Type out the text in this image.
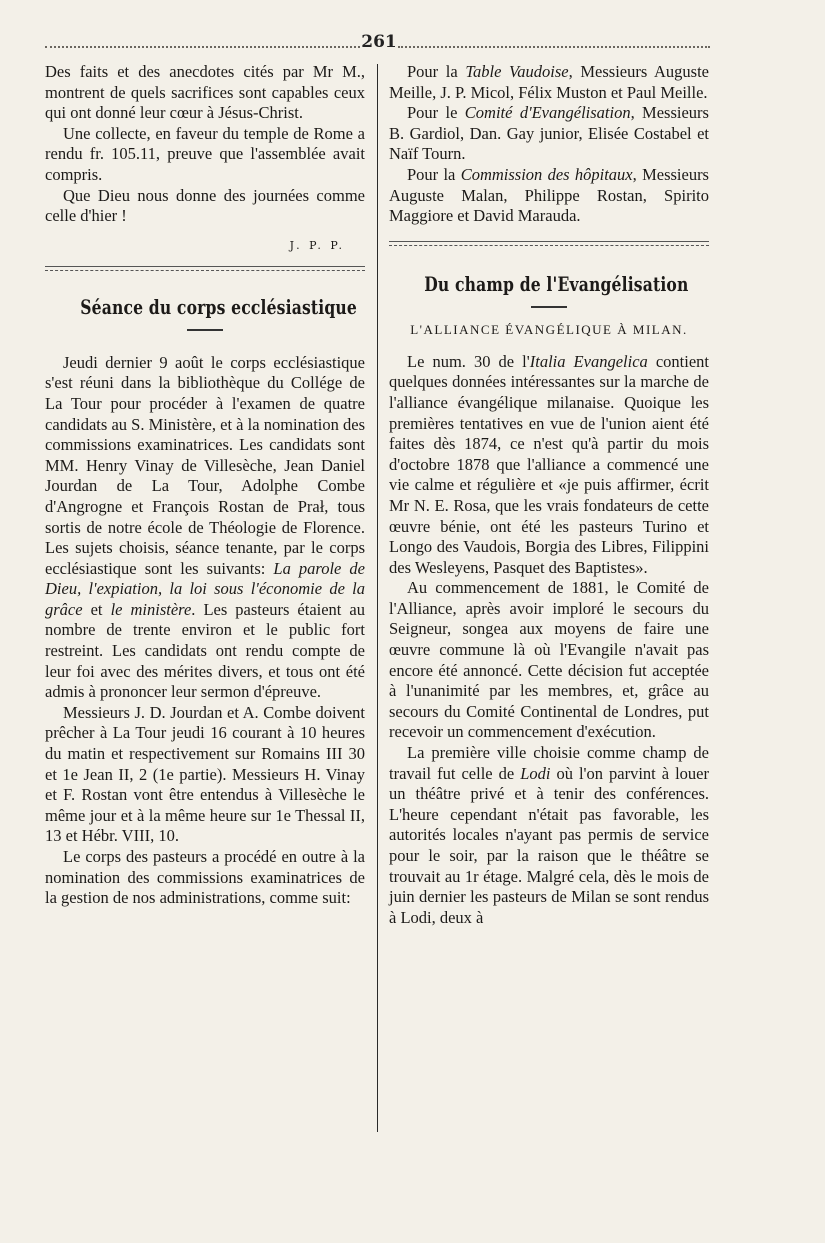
261

Des faits et des anecdotes cités par Mr M., montrent de quels sacrifices sont capables ceux qui ont donné leur cœur à Jésus-Christ.

Une collecte, en faveur du temple de Rome a rendu fr. 105.11, preuve que l'assemblée avait compris.

Que Dieu nous donne des journées comme celle d'hier !

J. P. P.
Séance du corps ecclésiastique

Jeudi dernier 9 août le corps ecclésiastique s'est réuni dans la bibliothèque du Collége de La Tour pour procéder à l'examen de quatre candidats au S. Ministère, et à la nomination des commissions examinatrices. Les candidats sont MM. Henry Vinay de Villesèche, Jean Daniel Jourdan de La Tour, Adolphe Combe d'Angrogne et François Rostan de Prał, tous sortis de notre école de Théologie de Florence. Les sujets choisis, séance tenante, par le corps ecclésiastique sont les suivants: La parole de Dieu, l'expiation, la loi sous l'économie de la grâce et le ministère. Les pasteurs étaient au nombre de trente environ et le public fort restreint. Les candidats ont rendu compte de leur foi avec des mérites divers, et tous ont été admis à prononcer leur sermon d'épreuve.

Messieurs J. D. Jourdan et A. Combe doivent prêcher à La Tour jeudi 16 courant à 10 heures du matin et respectivement sur Romains III 30 et 1e Jean II, 2 (1e partie). Messieurs H. Vinay et F. Rostan vont être entendus à Villesèche le même jour et à la même heure sur 1e Thessal II, 13 et Hébr. VIII, 10.

Le corps des pasteurs a procédé en outre à la nomination des commissions examinatrices de la gestion de nos administrations, comme suit:

Pour la Table Vaudoise, Messieurs Auguste Meille, J. P. Micol, Félix Muston et Paul Meille.

Pour le Comité d'Evangélisation, Messieurs B. Gardiol, Dan. Gay junior, Elisée Costabel et Naïf Tourn.

Pour la Commission des hôpitaux, Messieurs Auguste Malan, Philippe Rostan, Spirito Maggiore et David Marauda.

Du champ de l'Evangélisation
L'ALLIANCE ÉVANGÉLIQUE À MILAN.

Le num. 30 de l'Italia Evangelica contient quelques données intéressantes sur la marche de l'alliance évangélique milanaise. Quoique les premières tentatives en vue de l'union aient été faites dès 1874, ce n'est qu'à partir du mois d'octobre 1878 que l'alliance a commencé une vie calme et régulière et «je puis affirmer, écrit Mr N. E. Rosa, que les vrais fondateurs de cette œuvre bénie, ont été les pasteurs Turino et Longo des Vaudois, Borgia des Libres, Filippini des Wesleyens, Pasquet des Baptistes».

Au commencement de 1881, le Comité de l'Alliance, après avoir imploré le secours du Seigneur, songea aux moyens de faire une œuvre commune là où l'Evangile n'avait pas encore été annoncé. Cette décision fut acceptée à l'unanimité par les membres, et, grâce au secours du Comité Continental de Londres, put recevoir un commencement d'exécution.

La première ville choisie comme champ de travail fut celle de Lodi où l'on parvint à louer un théâtre privé et à tenir des conférences. L'heure cependant n'était pas favorable, les autorités locales n'ayant pas permis de service pour le soir, par la raison que le théâtre se trouvait au 1r étage. Malgré cela, dès le mois de juin dernier les pasteurs de Milan se sont rendus à Lodi, deux à
